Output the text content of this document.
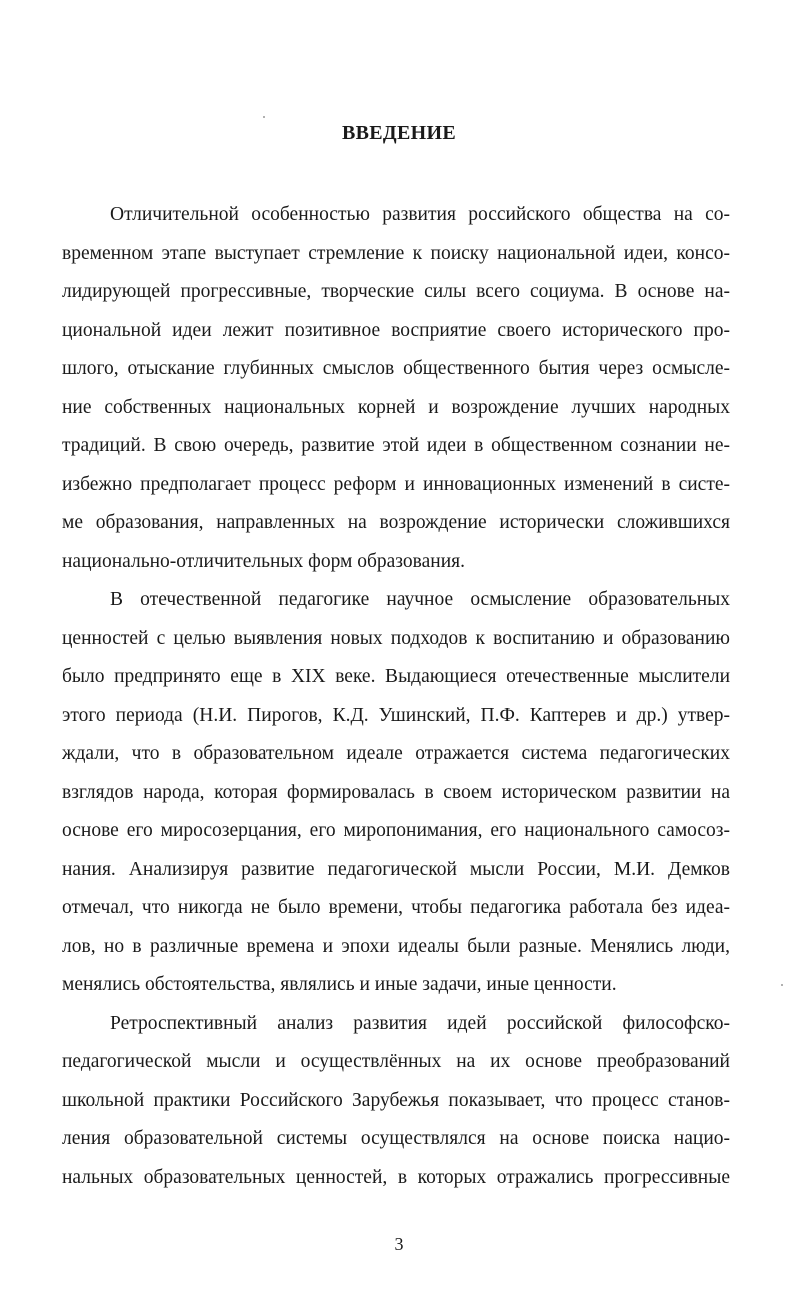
ВВЕДЕНИЕ

Отличительной особенностью развития российского общества на со-
временном этапе выступает стремление к поиску национальной идеи, консо-
лидирующей прогрессивные, творческие силы всего социума. В основе на-
циональной идеи лежит позитивное восприятие своего исторического про-
шлого, отыскание глубинных смыслов общественного бытия через осмысле-
ние собственных национальных корней и возрождение лучших народных
традиций. В свою очередь, развитие этой идеи в общественном сознании не-
избежно предполагает процесс реформ и инновационных изменений в систе-
ме образования, направленных на возрождение исторически сложившихся
национально-отличительных форм образования.

В отечественной педагогике научное осмысление образовательных
ценностей с целью выявления новых подходов к воспитанию и образованию
было предпринято еще в XIX веке. Выдающиеся отечественные мыслители
этого периода (Н.И. Пирогов, К.Д. Ушинский, П.Ф. Каптерев и др.) утвер-
ждали, что в образовательном идеале отражается система педагогических
взглядов народа, которая формировалась в своем историческом развитии на
основе его миросозерцания, его миропонимания, его национального самосоз-
нания. Анализируя развитие педагогической мысли России, М.И. Демков
отмечал, что никогда не было времени, чтобы педагогика работала без идеа-
лов, но в различные времена и эпохи идеалы были разные. Менялись люди,
менялись обстоятельства, являлись и иные задачи, иные ценности.

Ретроспективный анализ развития идей российской философско-
педагогической мысли и осуществлённых на их основе преобразований
школьной практики Российского Зарубежья показывает, что процесс станов-
ления образовательной системы осуществлялся на основе поиска нацио-
нальных образовательных ценностей, в которых отражались прогрессивные

3
